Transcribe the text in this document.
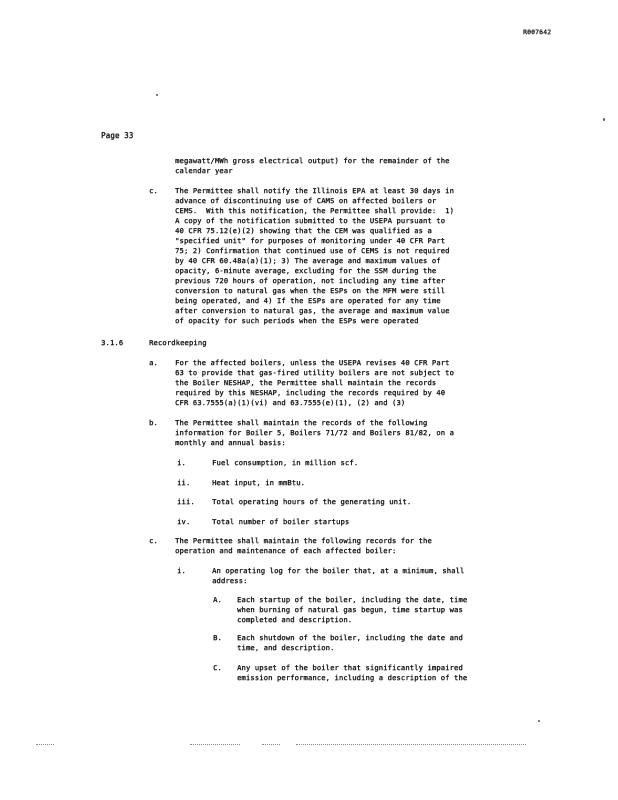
R007642
Page 33
megawatt/MWh gross electrical output) for the remainder of the
calendar year
c. The Permittee shall notify the Illinois EPA at least 30 days in
advance of discontinuing use of CAMS on affected boilers or
CEMS.  With this notification, the Permittee shall provide:  1)
A copy of the notification submitted to the USEPA pursuant to
40 CFR 75.12(e)(2) showing that the CEM was qualified as a
"specified unit" for purposes of monitoring under 40 CFR Part
75; 2) Confirmation that continued use of CEMS is not required
by 40 CFR 60.48a(a)(1); 3) The average and maximum values of
opacity, 6-minute average, excluding for the SSM during the
previous 720 hours of operation, not including any time after
conversion to natural gas when the ESPs on the MFM were still
being operated, and 4) If the ESPs are operated for any time
after conversion to natural gas, the average and maximum value
of opacity for such periods when the ESPs were operated
3.1.6	Recordkeeping
a. For the affected boilers, unless the USEPA revises 40 CFR Part
63 to provide that gas-fired utility boilers are not subject to
the Boiler NESHAP, the Permittee shall maintain the records
required by this NESHAP, including the records required by 40
CFR 63.7555(a)(1)(vi) and 63.7555(e)(1), (2) and (3)
b. The Permittee shall maintain the records of the following
information for Boiler 5, Boilers 71/72 and Boilers 81/82, on a
monthly and annual basis:
i.	Fuel consumption, in million scf.
ii.	Heat input, in mmBtu.
iii. Total operating hours of the generating unit.
iv.	Total number of boiler startups
c. The Permittee shall maintain the following records for the
operation and maintenance of each affected boiler:
i.	An operating log for the boiler that, at a minimum, shall
address:
A. Each startup of the boiler, including the date, time
when burning of natural gas begun, time startup was
completed and description.
B. Each shutdown of the boiler, including the date and
time, and description.
C. Any upset of the boiler that significantly impaired
emission performance, including a description of the
